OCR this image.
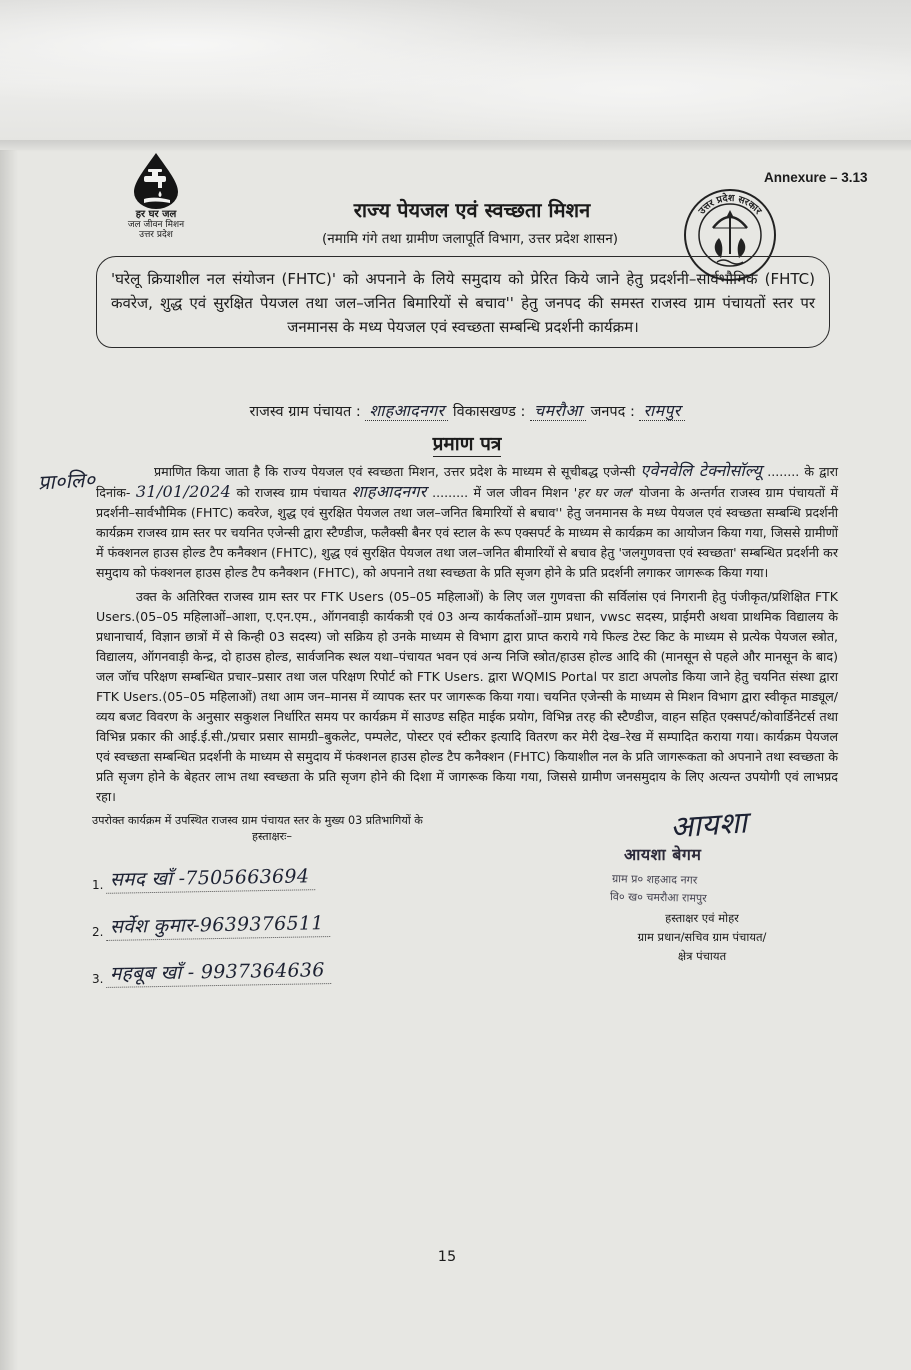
Annexure – 3.13
हर घर जल
जल जीवन मिशन
उत्तर प्रदेश
राज्य पेयजल एवं स्वच्छता मिशन
(नमामि गंगे तथा ग्रामीण जलापूर्ति विभाग, उत्तर प्रदेश शासन)
उत्तर प्रदेश सरकार
'घरेलू क्रियाशील नल संयोजन (FHTC)' को अपनाने के लिये समुदाय को प्रेरित किये जाने हेतु प्रदर्शनी–सार्वभौमिक (FHTC) कवरेज, शुद्ध एवं सुरक्षित पेयजल तथा जल–जनित बिमारियों से बचाव'' हेतु जनपद की समस्त राजस्व ग्राम पंचायतों स्तर पर जनमानस के मध्य पेयजल एवं स्वच्छता सम्बन्धि प्रदर्शनी कार्यक्रम।
राजस्व ग्राम पंचायत : शाहआदनगर विकासखण्ड : चमरौआ जनपद : रामपुर
प्रमाण पत्र

प्रा०लि०	प्रमाणित किया जाता है कि राज्य पेयजल एवं स्वच्छता मिशन, उत्तर प्रदेश के माध्यम से सूचीबद्ध एजेन्सी एवेनवेलि टेक्नोसॉल्यू ........ के द्वारा दिनांक- 31/01/2024 को राजस्व ग्राम पंचायत शाहआदनगर ......... में जल जीवन मिशन 'हर घर जल' योजना के अन्तर्गत राजस्व ग्राम पंचायतों में प्रदर्शनी–सार्वभौमिक (FHTC) कवरेज, शुद्ध एवं सुरक्षित पेयजल तथा जल–जनित बिमारियों से बचाव'' हेतु जनमानस के मध्य पेयजल एवं स्वच्छता सम्बन्धि प्रदर्शनी कार्यक्रम राजस्व ग्राम स्तर पर चयनित एजेन्सी द्वारा स्टैण्डीज, फलैक्सी बैनर एवं स्टाल के रूप एक्सपर्ट के माध्यम से कार्यक्रम का आयोजन किया गया, जिससे ग्रामीणों में फंक्शनल हाउस होल्ड टैप कनैक्शन (FHTC), शुद्ध एवं सुरक्षित पेयजल तथा जल–जनित बीमारियों से बचाव हेतु 'जलगुणवत्ता एवं स्वच्छता' सम्बन्धित प्रदर्शनी कर समुदाय को फंक्शनल हाउस होल्ड टैप कनैक्शन (FHTC), को अपनाने तथा स्वच्छता के प्रति सृजग होने के प्रति प्रदर्शनी लगाकर जागरूक किया गया।

उक्त के अतिरिक्त राजस्व ग्राम स्तर पर FTK Users (05–05 महिलाओं) के लिए जल गुणवत्ता की सर्विलांस एवं निगरानी हेतु पंजीकृत/प्रशिक्षित FTK Users.(05–05 महिलाओं–आशा, ए.एन.एम., ऑगनवाड़ी कार्यकत्री एवं 03 अन्य कार्यकर्ताओं–ग्राम प्रधान, vwsc सदस्य, प्राईमरी अथवा प्राथमिक विद्यालय के प्रधानाचार्य, विज्ञान छात्रों में से किन्ही 03 सदस्य) जो सक्रिय हो उनके माध्यम से विभाग द्वारा प्राप्त कराये गये फिल्ड टेस्ट किट के माध्यम से प्रत्येक पेयजल स्त्रोत, विद्यालय, ऑगनवाड़ी केन्द्र, दो हाउस होल्ड, सार्वजनिक स्थल यथा–पंचायत भवन एवं अन्य निजि स्त्रोत/हाउस होल्ड आदि की (मानसून से पहले और मानसून के बाद) जल जॉच परिक्षण सम्बन्धित प्रचार–प्रसार तथा जल परिक्षण रिपोर्ट को FTK Users. द्वारा WQMIS Portal पर डाटा अपलोड किया जाने हेतु चयनित संस्था द्वारा FTK Users.(05–05 महिलाओं) तथा आम जन–मानस में व्यापक स्तर पर जागरूक किया गया। चयनित एजेन्सी के माध्यम से मिशन विभाग द्वारा स्वीकृत माड्यूल/व्यय बजट विवरण के अनुसार सकुशल निर्धारित समय पर कार्यक्रम में साउण्ड सहित माईक प्रयोग, विभिन्न तरह की स्टैण्डीज, वाहन सहित एक्सपर्ट/कोवार्डिनेटर्स तथा विभिन्न प्रकार की आई.ई.सी./प्रचार प्रसार सामग्री–बुकलेट, पम्पलेट, पोस्टर एवं स्टीकर इत्यादि वितरण कर मेरी देख–रेख में सम्पादित कराया गया। कार्यक्रम पेयजल एवं स्वच्छता सम्बन्धित प्रदर्शनी के माध्यम से समुदाय में फंक्शनल हाउस होल्ड टैप कनैक्शन (FHTC) कियाशील नल के प्रति जागरूकता को अपनाने तथा स्वच्छता के प्रति सृजग होने के बेहतर लाभ तथा स्वच्छता के प्रति सृजग होने की दिशा में जागरूक किया गया, जिससे ग्रामीण जनसमुदाय के लिए अत्यन्त उपयोगी एवं लाभप्रद रहा।

उपरोक्त कार्यक्रम में उपस्थित राजस्व ग्राम पंचायत स्तर के मुख्य 03 प्रतिभागियों के
हस्ताक्षरः–
1. समद खाँ -7505663694
2. सर्वेश कुमार-9639376511
3. महबूब खाँ - 9937364636
आयशा
आयशा बेगम
ग्राम प्र० शहआद नगर
वि० ख० चमरौआ रामपुर
हस्ताक्षर एवं मोहर
ग्राम प्रधान/सचिव ग्राम पंचायत/
क्षेत्र पंचायत
15
